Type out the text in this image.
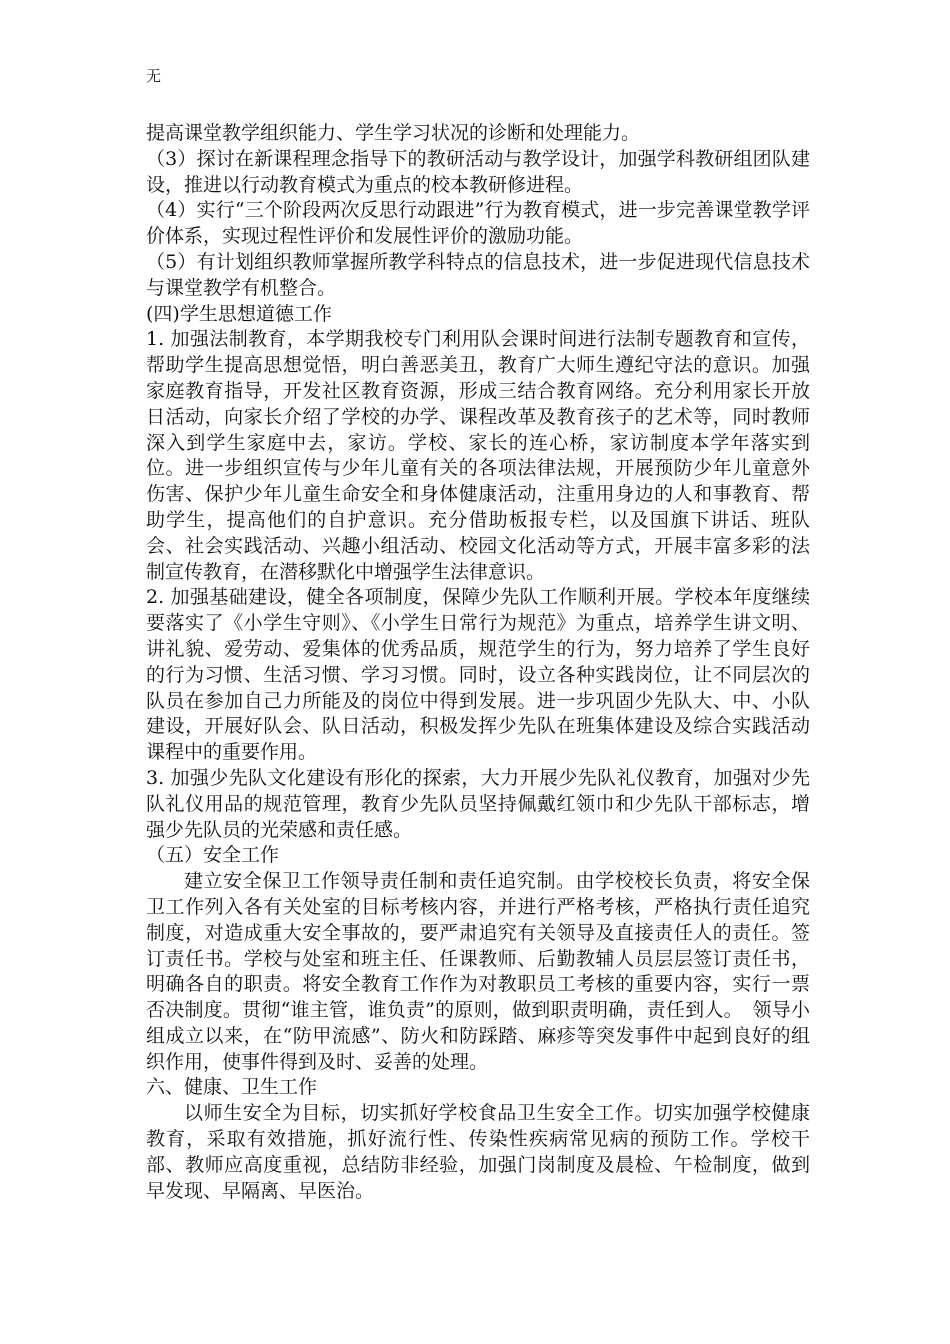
无

提高课堂教学组织能力、学生学习状况的诊断和处理能力。

（3）探讨在新课程理念指导下的教研活动与教学设计，加强学科教研组团队建设，推进以行动教育模式为重点的校本教研修进程。

（4）实行“三个阶段两次反思行动跟进”行为教育模式，进一步完善课堂教学评价体系，实现过程性评价和发展性评价的激励功能。

（5）有计划组织教师掌握所教学科特点的信息技术，进一步促进现代信息技术与课堂教学有机整合。

(四)学生思想道德工作

1. 加强法制教育，本学期我校专门利用队会课时间进行法制专题教育和宣传，帮助学生提高思想觉悟，明白善恶美丑，教育广大师生遵纪守法的意识。加强家庭教育指导，开发社区教育资源，形成三结合教育网络。充分利用家长开放日活动，向家长介绍了学校的办学、课程改革及教育孩子的艺术等，同时教师深入到学生家庭中去，家访。学校、家长的连心桥，家访制度本学年落实到位。进一步组织宣传与少年儿童有关的各项法律法规，开展预防少年儿童意外伤害、保护少年儿童生命安全和身体健康活动，注重用身边的人和事教育、帮助学生，提高他们的自护意识。充分借助板报专栏，以及国旗下讲话、班队会、社会实践活动、兴趣小组活动、校园文化活动等方式，开展丰富多彩的法制宣传教育，在潜移默化中增强学生法律意识。

2. 加强基础建设，健全各项制度，保障少先队工作顺利开展。学校本年度继续要落实了《小学生守则》、《小学生日常行为规范》为重点，培养学生讲文明、讲礼貌、爱劳动、爱集体的优秀品质，规范学生的行为，努力培养了学生良好的行为习惯、生活习惯、学习习惯。同时，设立各种实践岗位，让不同层次的队员在参加自己力所能及的岗位中得到发展。进一步巩固少先队大、中、小队建设，开展好队会、队日活动，积极发挥少先队在班集体建设及综合实践活动课程中的重要作用。

3. 加强少先队文化建设有形化的探索，大力开展少先队礼仪教育，加强对少先队礼仪用品的规范管理，教育少先队员坚持佩戴红领巾和少先队干部标志，增强少先队员的光荣感和责任感。

（五）安全工作

建立安全保卫工作领导责任制和责任追究制。由学校校长负责，将安全保卫工作列入各有关处室的目标考核内容，并进行严格考核，严格执行责任追究制度，对造成重大安全事故的，要严肃追究有关领导及直接责任人的责任。签订责任书。学校与处室和班主任、任课教师、后勤教辅人员层层签订责任书，明确各自的职责。将安全教育工作作为对教职员工考核的重要内容，实行一票否决制度。贯彻“谁主管，谁负责”的原则，做到职责明确，责任到人。　领导小组成立以来，在“防甲流感”、防火和防踩踏、麻疹等突发事件中起到良好的组织作用，使事件得到及时、妥善的处理。

六、健康、卫生工作

以师生安全为目标，切实抓好学校食品卫生安全工作。切实加强学校健康教育，采取有效措施，抓好流行性、传染性疾病常见病的预防工作。学校干部、教师应高度重视，总结防非经验，加强门岗制度及晨检、午检制度，做到早发现、早隔离、早医治。
